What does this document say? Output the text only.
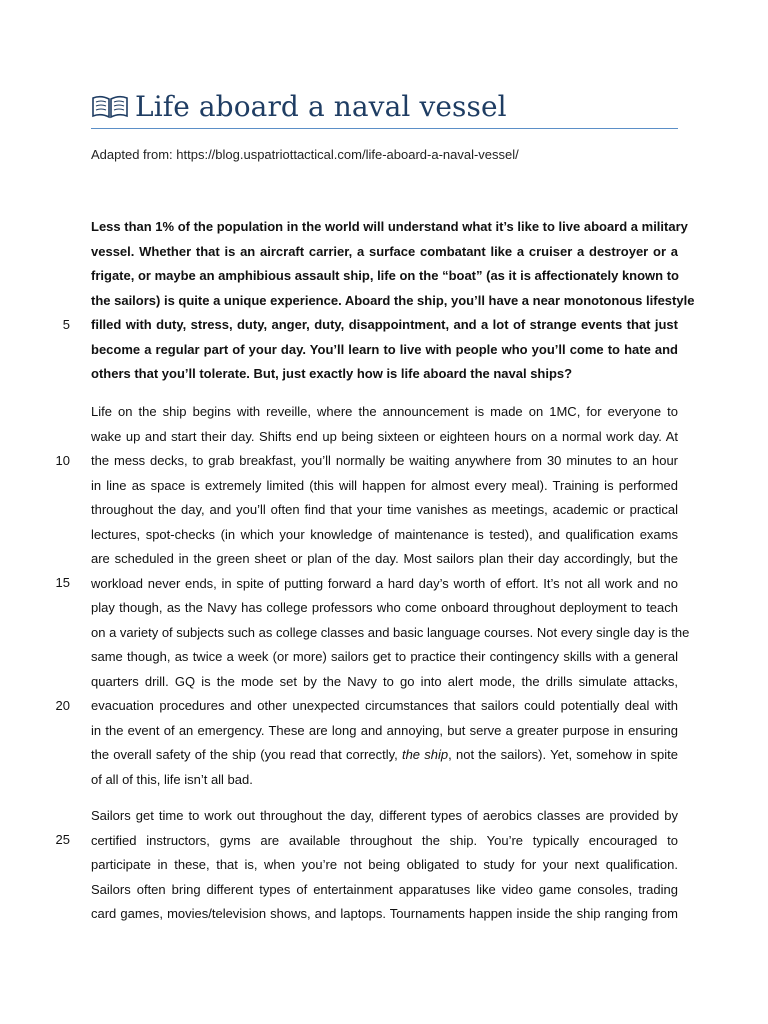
Life aboard a naval vessel
Adapted from: https://blog.uspatriottactical.com/life-aboard-a-naval-vessel/
Less than 1% of the population in the world will understand what it’s like to live aboard a military
vessel. Whether that is an aircraft carrier, a surface combatant like a cruiser a destroyer or a
frigate, or maybe an amphibious assault ship, life on the “boat” (as it is affectionately known to
the sailors) is quite a unique experience. Aboard the ship, you’ll have a near monotonous lifestyle
filled with duty, stress, duty, anger, duty, disappointment, and a lot of strange events that just
become a regular part of your day. You’ll learn to live with people who you’ll come to hate and
others that you’ll tolerate. But, just exactly how is life aboard the naval ships?
Life on the ship begins with reveille, where the announcement is made on 1MC, for everyone to
wake up and start their day. Shifts end up being sixteen or eighteen hours on a normal work day. At
the mess decks, to grab breakfast, you’ll normally be waiting anywhere from 30 minutes to an hour
in line as space is extremely limited (this will happen for almost every meal). Training is performed
throughout the day, and you’ll often find that your time vanishes as meetings, academic or practical
lectures, spot-checks (in which your knowledge of maintenance is tested), and qualification exams
are scheduled in the green sheet or plan of the day. Most sailors plan their day accordingly, but the
workload never ends, in spite of putting forward a hard day’s worth of effort. It’s not all work and no
play though, as the Navy has college professors who come onboard throughout deployment to teach
on a variety of subjects such as college classes and basic language courses. Not every single day is the
same though, as twice a week (or more) sailors get to practice their contingency skills with a general
quarters drill. GQ is the mode set by the Navy to go into alert mode, the drills simulate attacks,
evacuation procedures and other unexpected circumstances that sailors could potentially deal with
in the event of an emergency. These are long and annoying, but serve a greater purpose in ensuring
the overall safety of the ship (you read that correctly, the ship, not the sailors). Yet, somehow in spite
of all of this, life isn’t all bad.
Sailors get time to work out throughout the day, different types of aerobics classes are provided by
certified instructors, gyms are available throughout the ship. You’re typically encouraged to
participate in these, that is, when you’re not being obligated to study for your next qualification.
Sailors often bring different types of entertainment apparatuses like video game consoles, trading
card games, movies/television shows, and laptops. Tournaments happen inside the ship ranging from
5
10
15
20
25
